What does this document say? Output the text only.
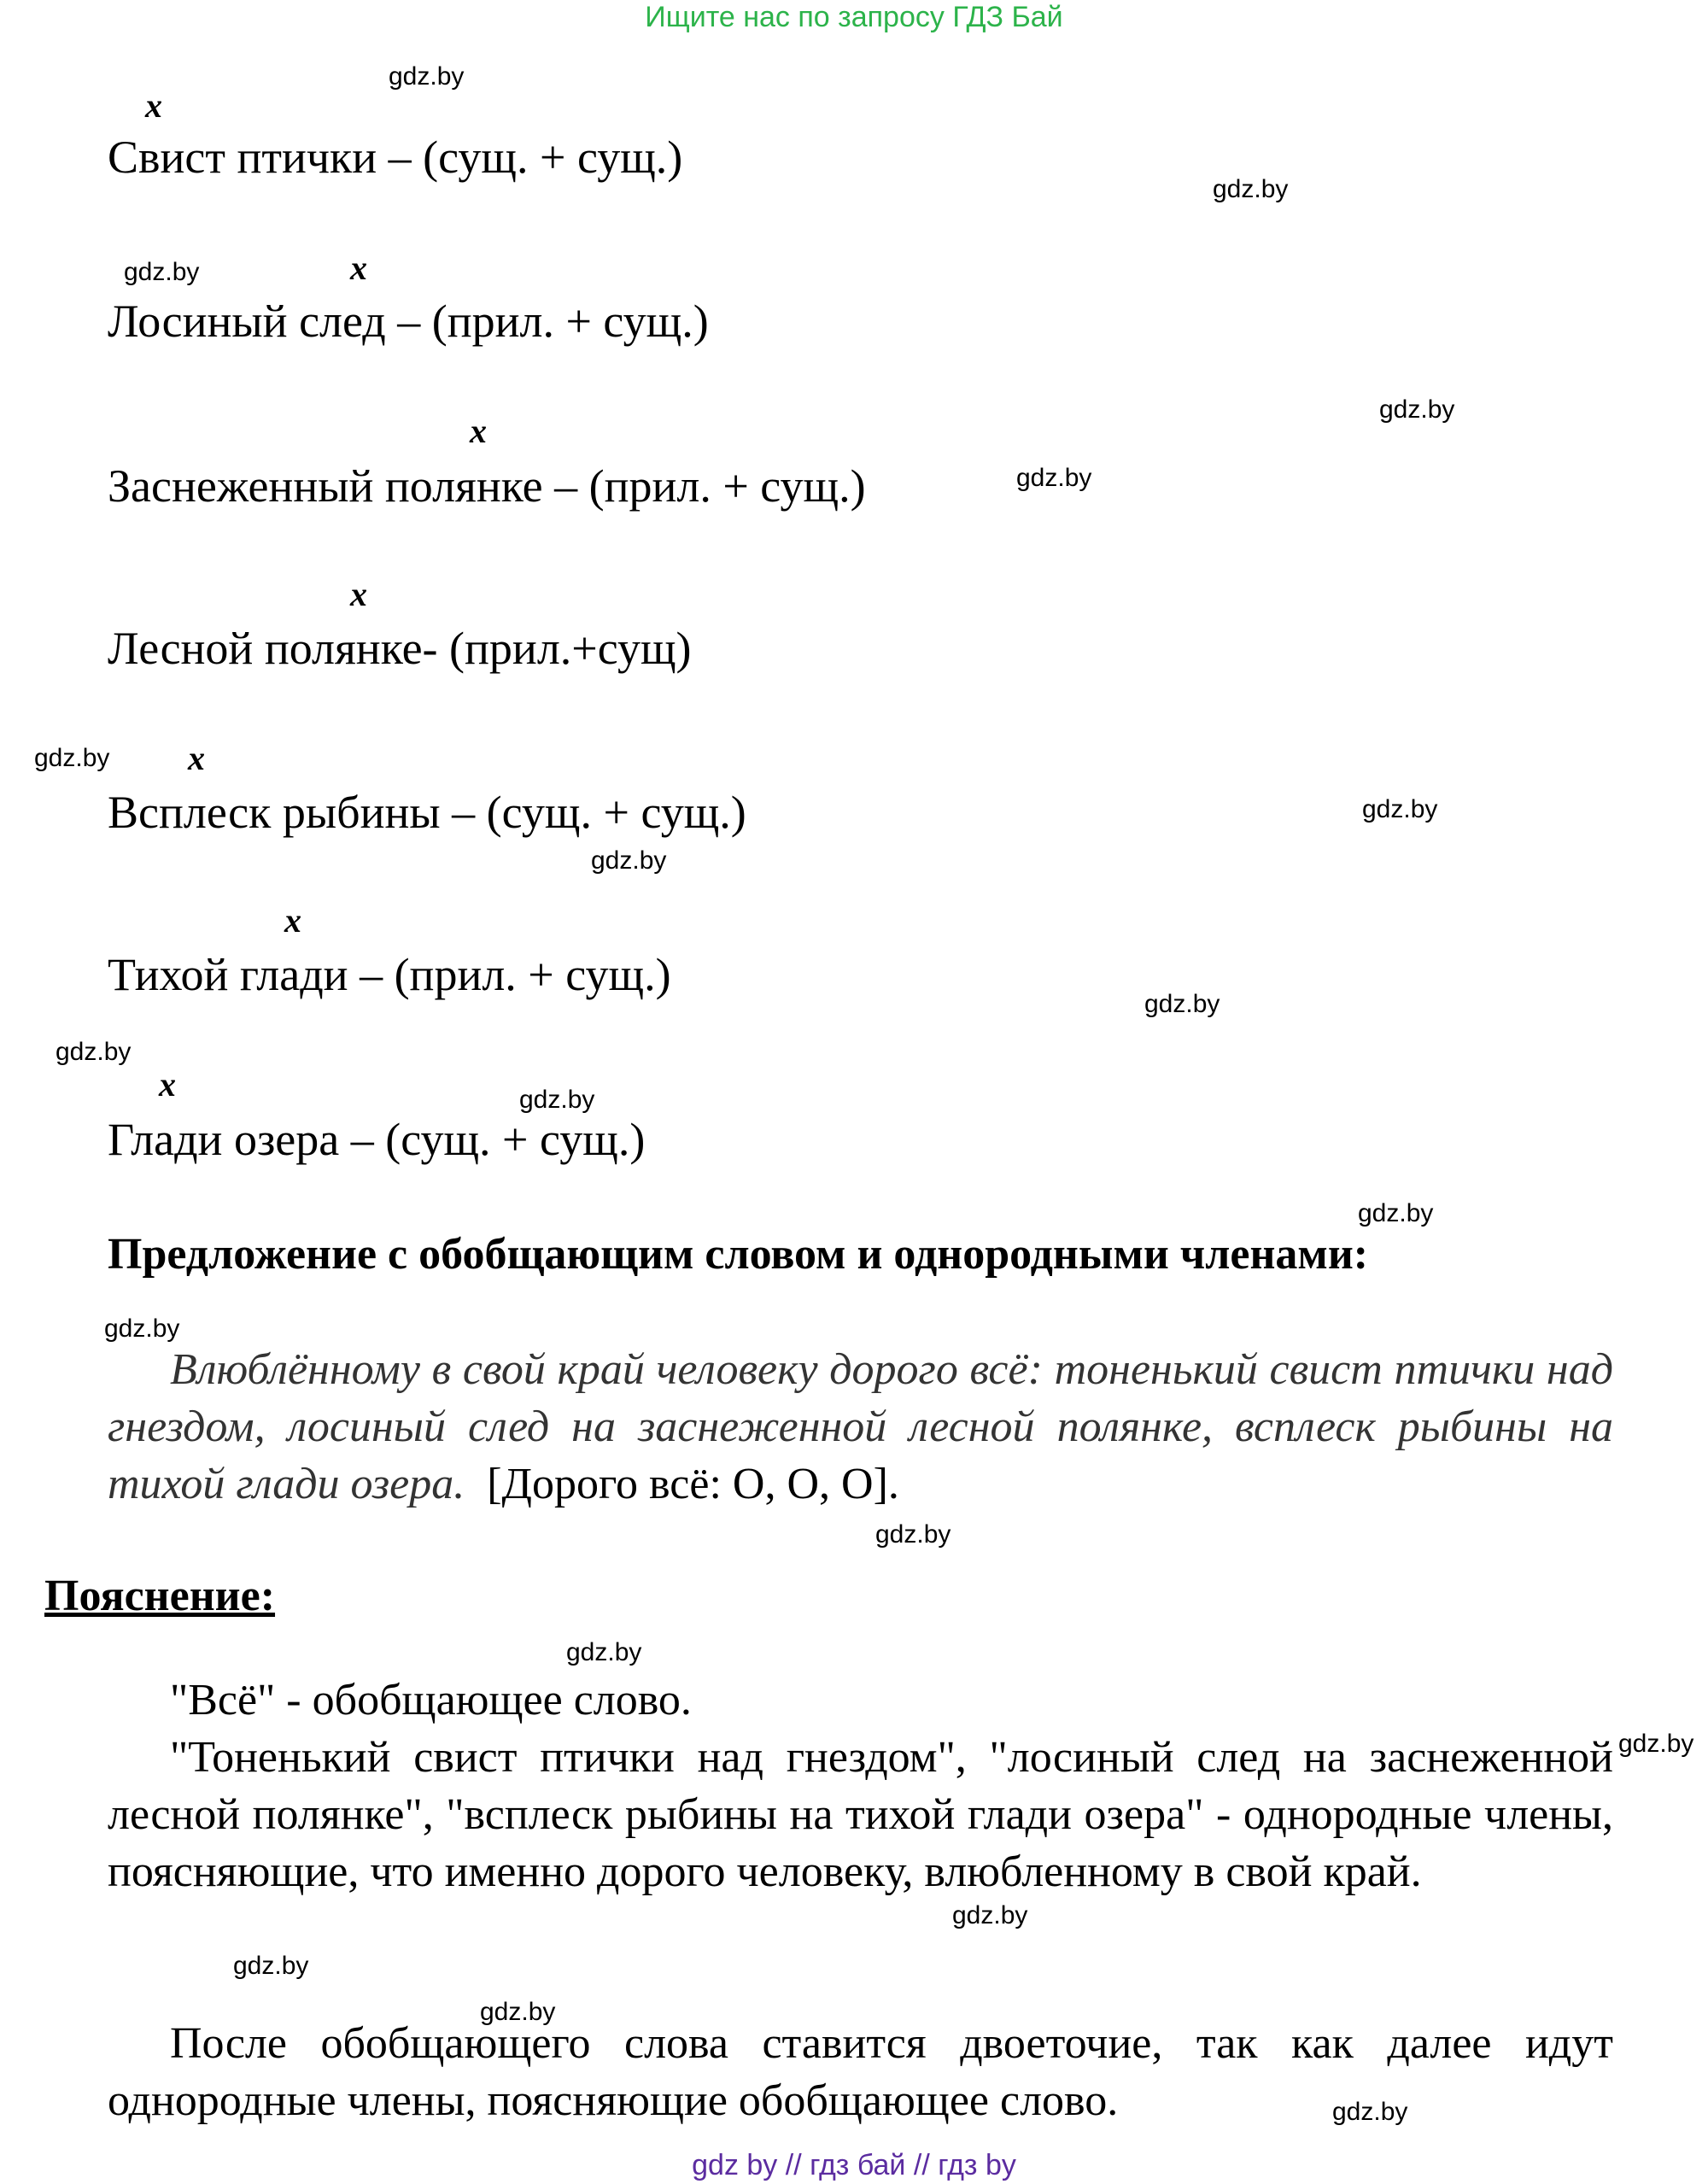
Ищите нас по запросу ГДЗ Бай
gdz.by
gdz.by
gdz.by
gdz.by
gdz.by
gdz.by
gdz.by
gdz.by
gdz.by
gdz.by
gdz.by
gdz.by
gdz.by
gdz.by
gdz.by
gdz.by
gdz.by
gdz.by
gdz.by
gdz.by
x
Свист птички – (сущ. + сущ.)
x
Лосиный след – (прил. + сущ.)
x
Заснеженный полянке – (прил. + сущ.)
x
Лесной полянке- (прил.+сущ)
x
Всплеск рыбины – (сущ. + сущ.)
x
Тихой глади – (прил. + сущ.)
x
Глади озера – (сущ. + сущ.)
Предложение с обобщающим словом и однородными членами:
Влюблённому в свой край человеку дорого всё: тоненький свист птички над гнездом, лосиный след на заснеженной лесной полянке, всплеск рыбины на тихой глади озера. [Дорого всё: О, О, О].
Пояснение:
"Всё" - обобщающее слово.
"Тоненький свист птички над гнездом", "лосиный след на заснеженной лесной полянке", "всплеск рыбины на тихой глади озера" - однородные члены, поясняющие, что именно дорого человеку, влюбленному в свой край.
После обобщающего слова ставится двоеточие, так как далее идут однородные члены, поясняющие обобщающее слово.
gdz by // гдз бай // гдз by
